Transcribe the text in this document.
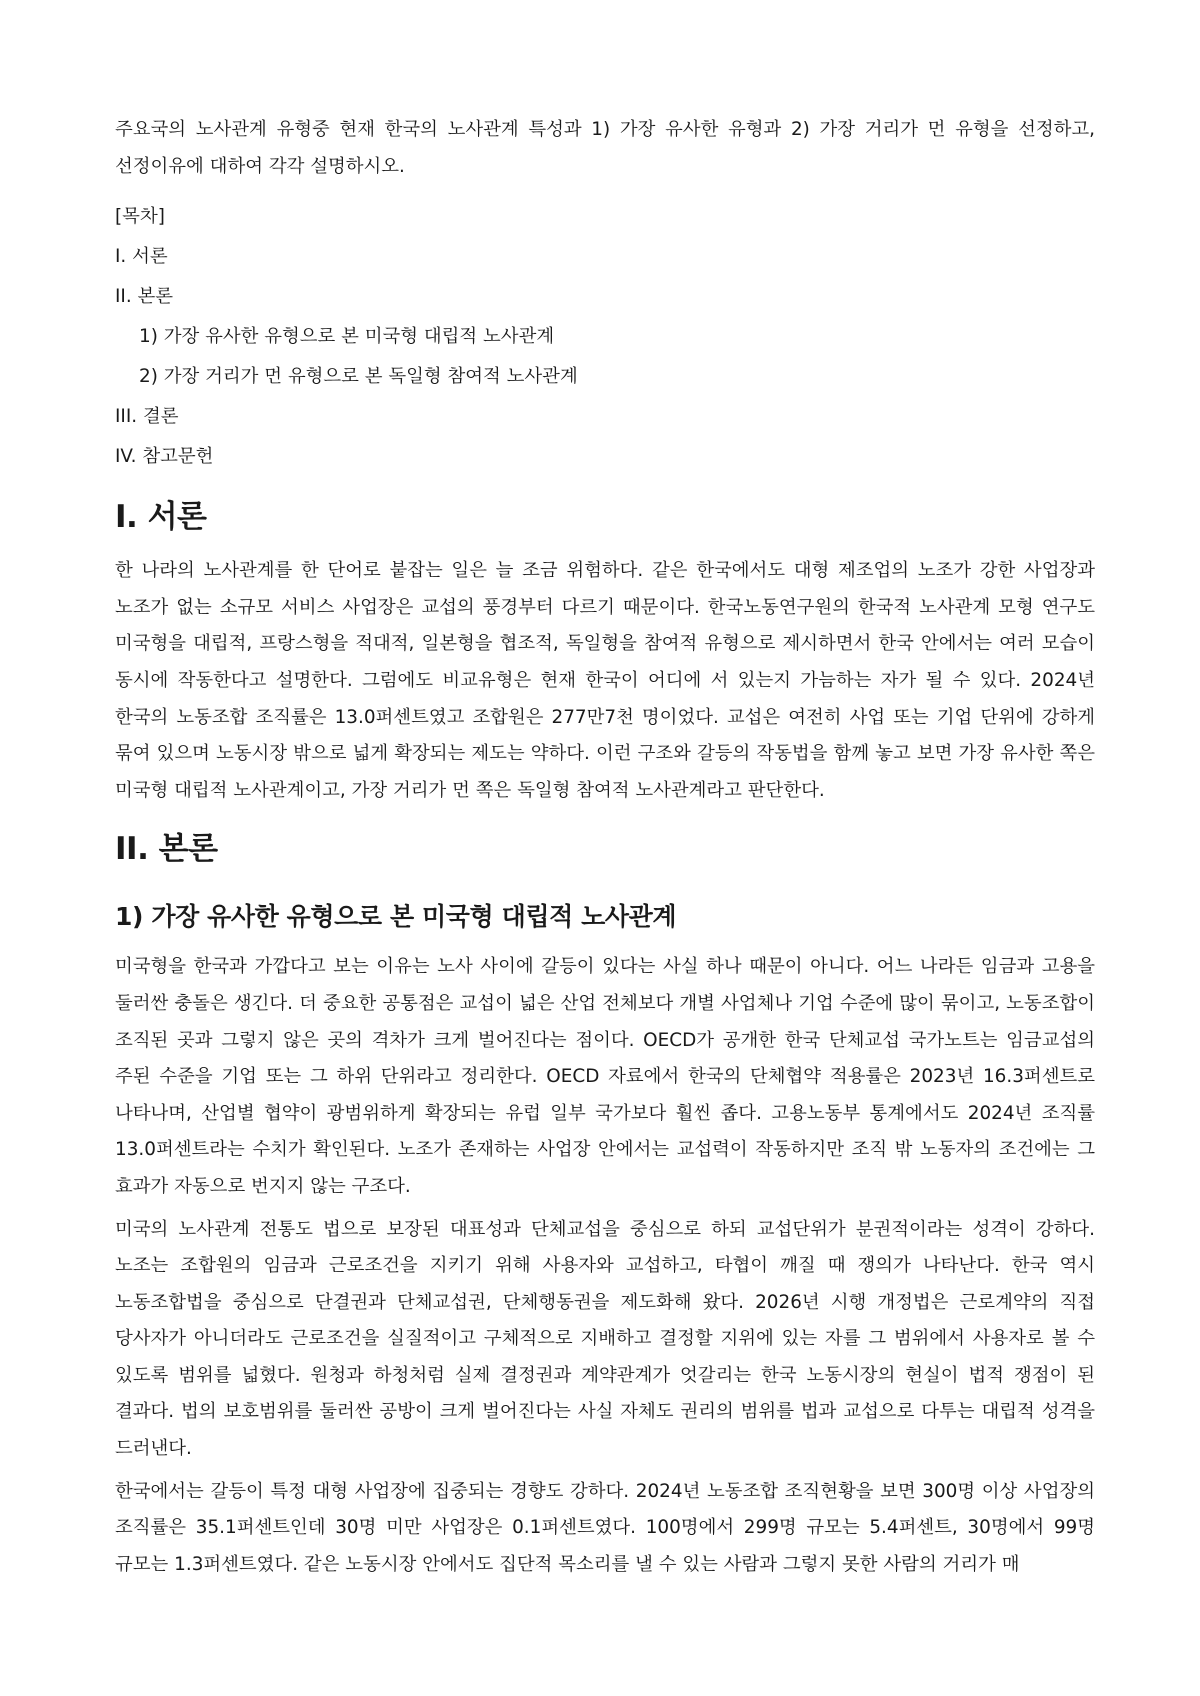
주요국의 노사관계 유형중 현재 한국의 노사관계 특성과 1) 가장 유사한 유형과 2) 가장 거리가 먼 유형을 선정하고, 선정이유에 대하여 각각 설명하시오.

[목차]

I. 서론

II. 본론

1) 가장 유사한 유형으로 본 미국형 대립적 노사관계

2) 가장 거리가 먼 유형으로 본 독일형 참여적 노사관계

III. 결론

IV. 참고문헌

I. 서론

한 나라의 노사관계를 한 단어로 붙잡는 일은 늘 조금 위험하다. 같은 한국에서도 대형 제조업의 노조가 강한 사업장과 노조가 없는 소규모 서비스 사업장은 교섭의 풍경부터 다르기 때문이다. 한국노동연구원의 한국적 노사관계 모형 연구도 미국형을 대립적, 프랑스형을 적대적, 일본형을 협조적, 독일형을 참여적 유형으로 제시하면서 한국 안에서는 여러 모습이 동시에 작동한다고 설명한다. 그럼에도 비교유형은 현재 한국이 어디에 서 있는지 가늠하는 자가 될 수 있다. 2024년 한국의 노동조합 조직률은 13.0퍼센트였고 조합원은 277만7천 명이었다. 교섭은 여전히 사업 또는 기업 단위에 강하게 묶여 있으며 노동시장 밖으로 넓게 확장되는 제도는 약하다. 이런 구조와 갈등의 작동법을 함께 놓고 보면 가장 유사한 쪽은 미국형 대립적 노사관계이고, 가장 거리가 먼 쪽은 독일형 참여적 노사관계라고 판단한다.

II. 본론
1) 가장 유사한 유형으로 본 미국형 대립적 노사관계

미국형을 한국과 가깝다고 보는 이유는 노사 사이에 갈등이 있다는 사실 하나 때문이 아니다. 어느 나라든 임금과 고용을 둘러싼 충돌은 생긴다. 더 중요한 공통점은 교섭이 넓은 산업 전체보다 개별 사업체나 기업 수준에 많이 묶이고, 노동조합이 조직된 곳과 그렇지 않은 곳의 격차가 크게 벌어진다는 점이다. OECD가 공개한 한국 단체교섭 국가노트는 임금교섭의 주된 수준을 기업 또는 그 하위 단위라고 정리한다. OECD 자료에서 한국의 단체협약 적용률은 2023년 16.3퍼센트로 나타나며, 산업별 협약이 광범위하게 확장되는 유럽 일부 국가보다 훨씬 좁다. 고용노동부 통계에서도 2024년 조직률 13.0퍼센트라는 수치가 확인된다. 노조가 존재하는 사업장 안에서는 교섭력이 작동하지만 조직 밖 노동자의 조건에는 그 효과가 자동으로 번지지 않는 구조다.

미국의 노사관계 전통도 법으로 보장된 대표성과 단체교섭을 중심으로 하되 교섭단위가 분권적이라는 성격이 강하다. 노조는 조합원의 임금과 근로조건을 지키기 위해 사용자와 교섭하고, 타협이 깨질 때 쟁의가 나타난다. 한국 역시 노동조합법을 중심으로 단결권과 단체교섭권, 단체행동권을 제도화해 왔다. 2026년 시행 개정법은 근로계약의 직접 당사자가 아니더라도 근로조건을 실질적이고 구체적으로 지배하고 결정할 지위에 있는 자를 그 범위에서 사용자로 볼 수 있도록 범위를 넓혔다. 원청과 하청처럼 실제 결정권과 계약관계가 엇갈리는 한국 노동시장의 현실이 법적 쟁점이 된 결과다. 법의 보호범위를 둘러싼 공방이 크게 벌어진다는 사실 자체도 권리의 범위를 법과 교섭으로 다투는 대립적 성격을 드러낸다.

한국에서는 갈등이 특정 대형 사업장에 집중되는 경향도 강하다. 2024년 노동조합 조직현황을 보면 300명 이상 사업장의 조직률은 35.1퍼센트인데 30명 미만 사업장은 0.1퍼센트였다. 100명에서 299명 규모는 5.4퍼센트, 30명에서 99명 규모는 1.3퍼센트였다. 같은 노동시장 안에서도 집단적 목소리를 낼 수 있는 사람과 그렇지 못한 사람의 거리가 매
